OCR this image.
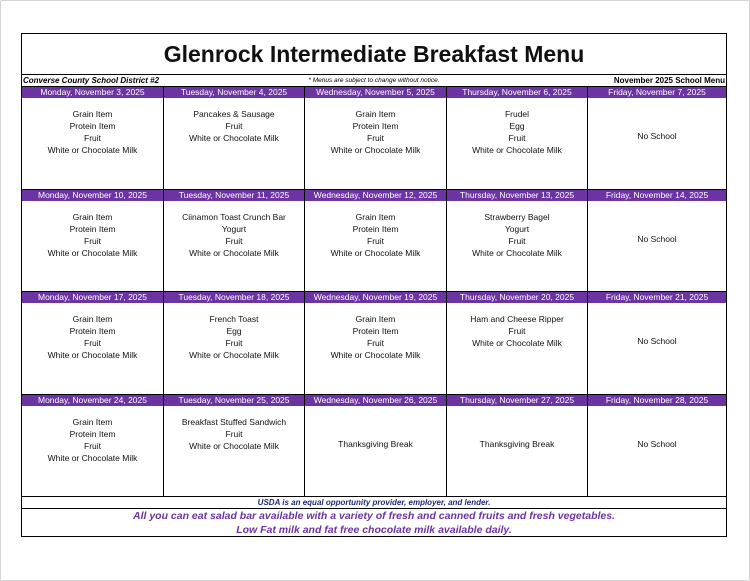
Glenrock Intermediate Breakfast Menu
Converse County School District #2	* Menus are subject to change without notice.	November 2025 School Menu
Monday, November 3, 2025
Grain Item
Protein Item
Fruit
White or Chocolate Milk
Tuesday, November 4, 2025
Pancakes & Sausage
Fruit
White or Chocolate Milk
Wednesday, November 5, 2025
Grain Item
Protein Item
Fruit
White or Chocolate Milk
Thursday, November 6, 2025
Frudel
Egg
Fruit
White or Chocolate Milk
Friday, November 7, 2025
No School
Monday, November 10, 2025
Grain Item
Protein Item
Fruit
White or Chocolate Milk
Tuesday, November 11, 2025
Ciinamon Toast Crunch Bar
Yogurt
Fruit
White or Chocolate Milk
Wednesday, November 12, 2025
Grain Item
Protein Item
Fruit
White or Chocolate Milk
Thursday, November 13, 2025
Strawberry Bagel
Yogurt
Fruit
White or Chocolate Milk
Friday, November 14, 2025
No School
Monday, November 17, 2025
Grain Item
Protein Item
Fruit
White or Chocolate Milk
Tuesday, November 18, 2025
French Toast
Egg
Fruit
White or Chocolate Milk
Wednesday, November 19, 2025
Grain Item
Protein Item
Fruit
White or Chocolate Milk
Thursday, November 20, 2025
Ham and Cheese Ripper
Fruit
White or Chocolate Milk
Friday, November 21, 2025
No School
Monday, November 24, 2025
Grain Item
Protein Item
Fruit
White or Chocolate Milk
Tuesday, November 25, 2025
Breakfast Stuffed Sandwich
Fruit
White or Chocolate Milk
Wednesday, November 26, 2025
Thanksgiving Break
Thursday, November 27, 2025
Thanksgiving Break
Friday, November 28, 2025
No School
USDA is an equal opportunity provider, employer, and lender.
All you can eat salad bar available with a variety of fresh and canned fruits and fresh vegetables.
Low Fat milk and fat free chocolate milk available daily.
